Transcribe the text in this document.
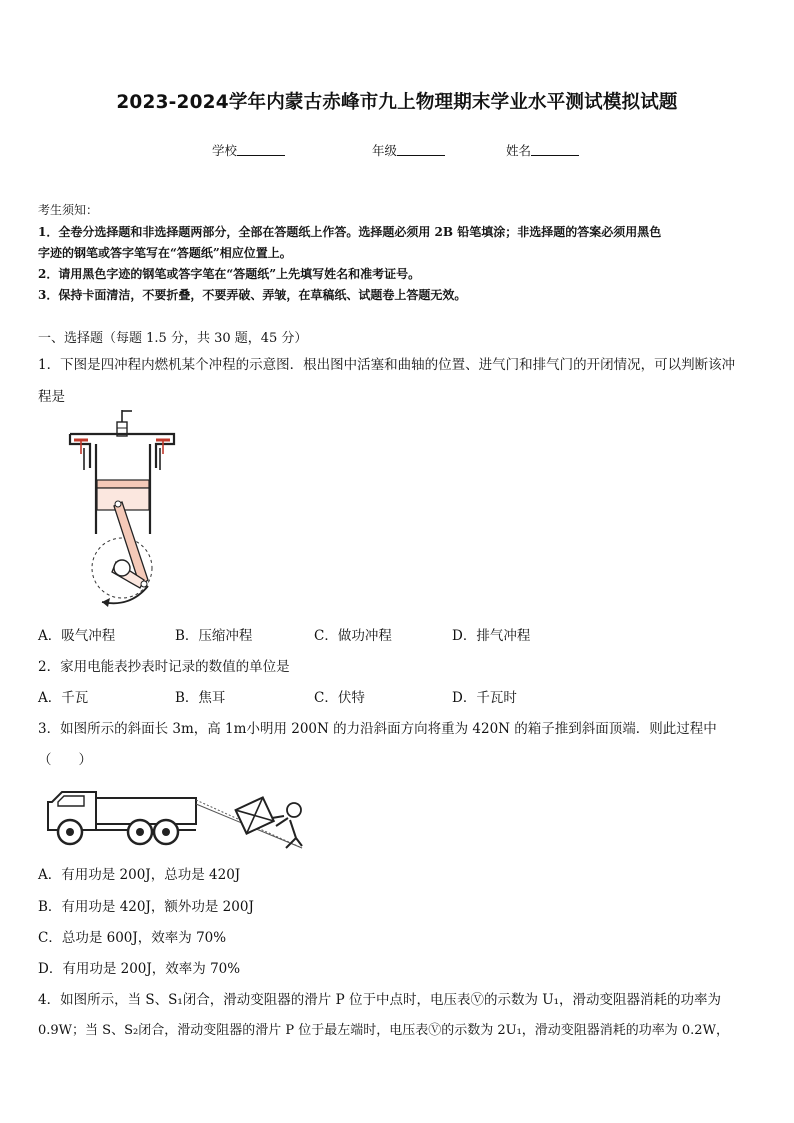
2023-2024学年内蒙古赤峰市九上物理期末学业水平测试模拟试题
学校	年级	姓名
考生须知：
1．全卷分选择题和非选择题两部分，全部在答题纸上作答。选择题必须用 2B 铅笔填涂；非选择题的答案必须用黑色
字迹的钢笔或答字笔写在“答题纸”相应位置上。
2．请用黑色字迹的钢笔或答字笔在“答题纸”上先填写姓名和准考证号。
3．保持卡面清洁，不要折叠，不要弄破、弄皱，在草稿纸、试题卷上答题无效。
一、选择题（每题 1.5 分，共 30 题，45 分）
1．下图是四冲程内燃机某个冲程的示意图．根出图中活塞和曲轴的位置、进气门和排气门的开闭情况，可以判断该冲
程是
A．吸气冲程	B．压缩冲程	C．做功冲程	D．排气冲程
2．家用电能表抄表时记录的数值的单位是
A．千瓦	B．焦耳	C．伏特	D．千瓦时
3．如图所示的斜面长 3m，高 1m小明用 200N 的力沿斜面方向将重为 420N 的箱子推到斜面顶端．则此过程中
（　　）
A．有用功是 200J，总功是 420J
B．有用功是 420J，额外功是 200J
C．总功是 600J，效率为 70%
D．有用功是 200J，效率为 70%
4．如图所示，当 S、S₁闭合，滑动变阻器的滑片 P 位于中点时，电压表Ⓥ的示数为 U₁，滑动变阻器消耗的功率为
0.9W；当 S、S₂闭合，滑动变阻器的滑片 P 位于最左端时，电压表Ⓥ的示数为 2U₁，滑动变阻器消耗的功率为 0.2W，
